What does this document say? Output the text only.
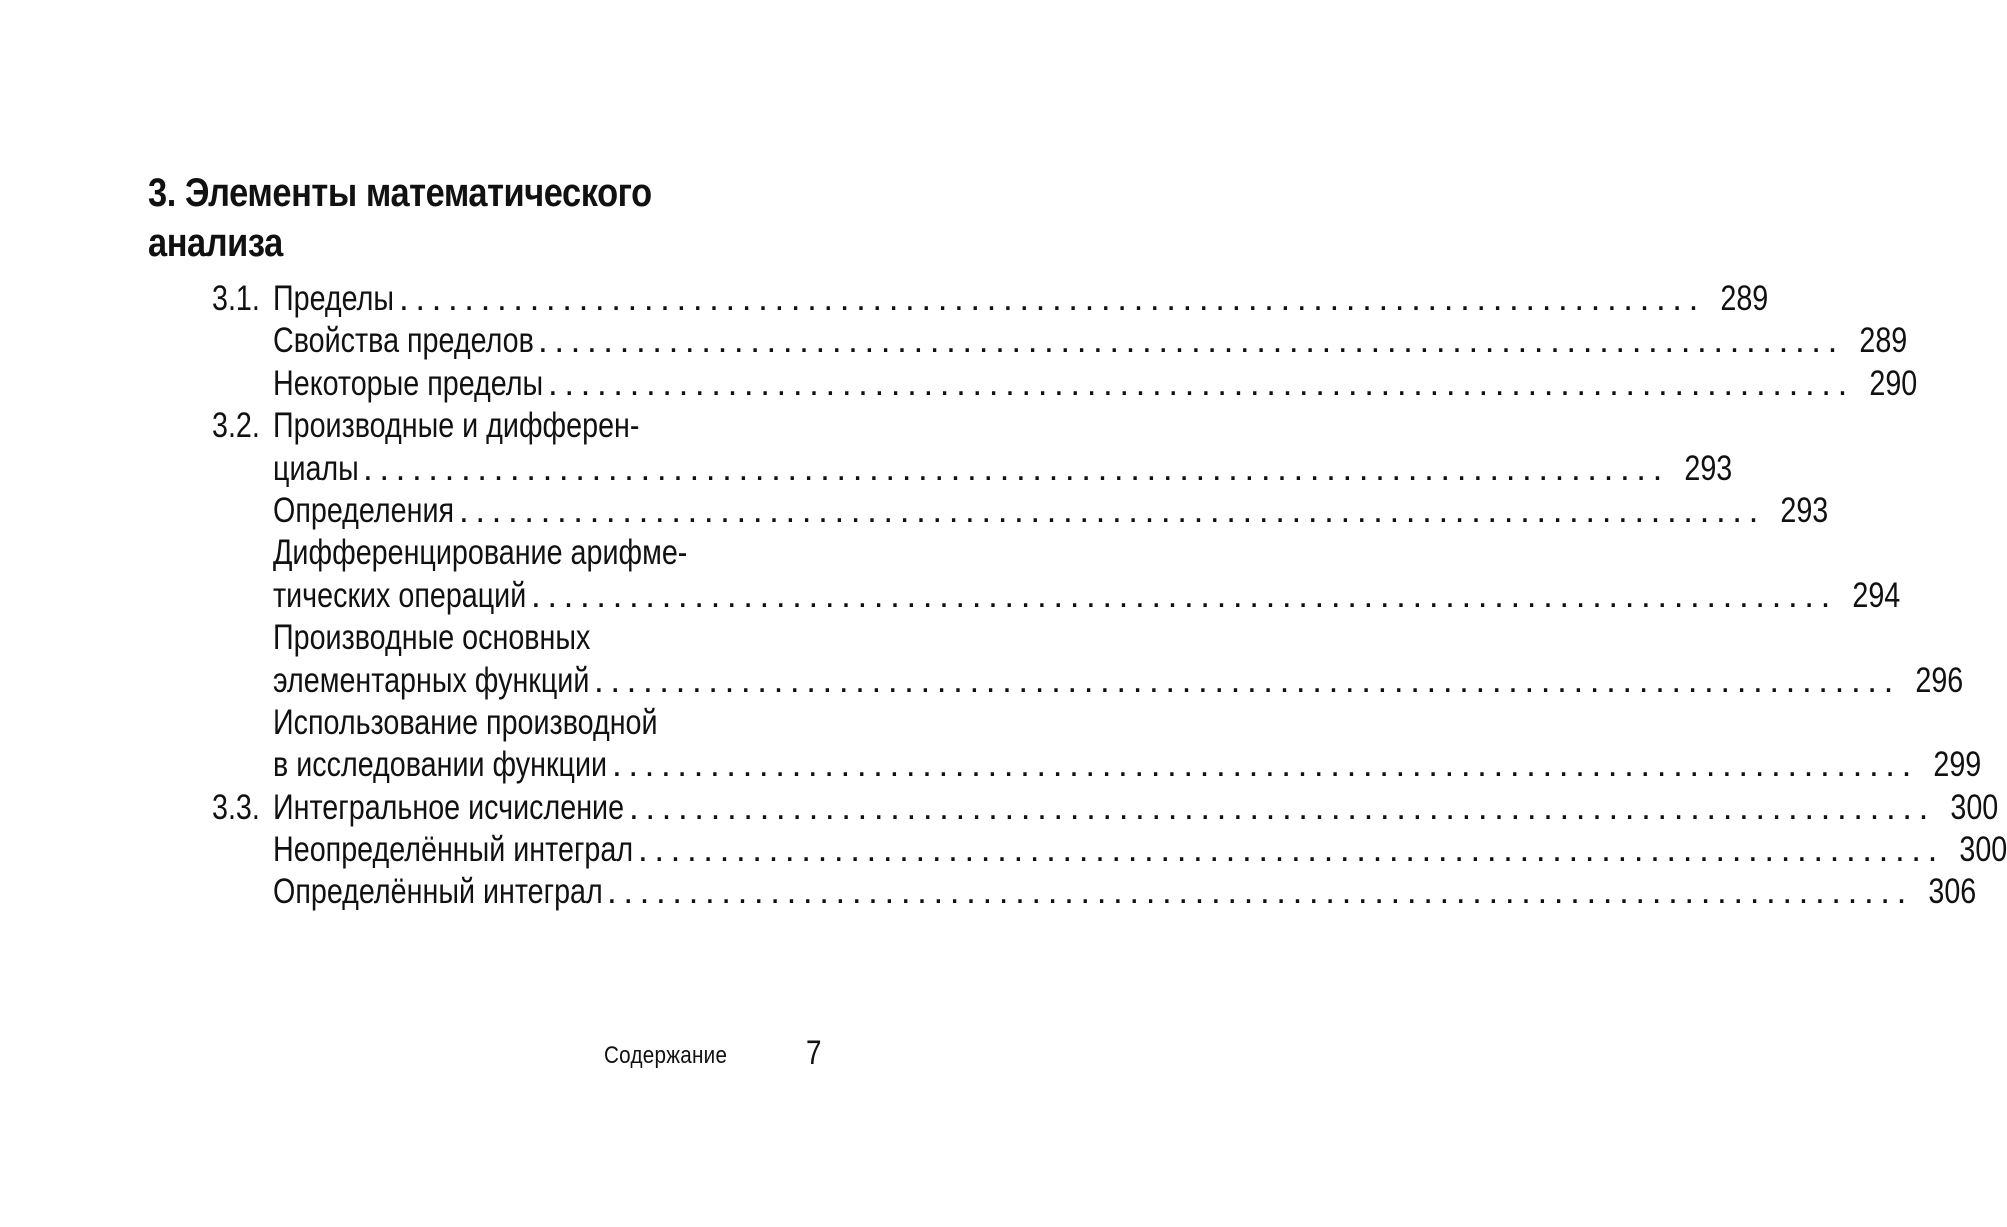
3. Элементы математического
анализа
3.1. Пределы ................................................................................ 289
Свойства пределов ................................................................................ 289
Некоторые пределы ................................................................................ 290
3.2. Производные и дифферен-
циалы ................................................................................ 293
Определения ................................................................................ 293
Дифференцирование арифме-
тических операций ................................................................................ 294
Производные основных
элементарных функций ................................................................................ 296
Использование производной
в исследовании функции ................................................................................ 299
3.3. Интегральное исчисление ................................................................................ 300
Неопределённый интеграл ................................................................................ 300
Определённый интеграл ................................................................................ 306
Содержание 7
